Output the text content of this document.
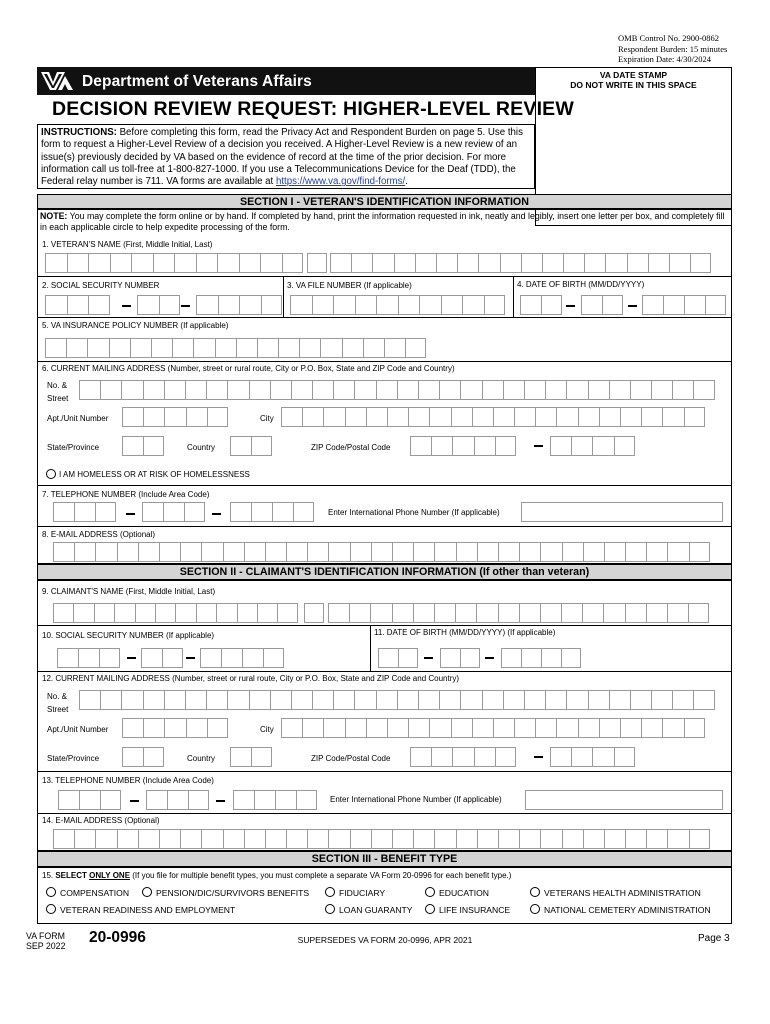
OMB Control No. 2900-0862
Respondent Burden: 15 minutes
Expiration Date: 4/30/2024
Department of Veterans Affairs	VA DATE STAMP
DO NOT WRITE IN THIS SPACE
DECISION REVIEW REQUEST: HIGHER-LEVEL REVIEW
INSTRUCTIONS: Before completing this form, read the Privacy Act and Respondent Burden on page 5. Use this form to request a Higher-Level Review of a decision you received. A Higher-Level Review is a new review of an issue(s) previously decided by VA based on the evidence of record at the time of the prior decision. For more information call us toll-free at 1-800-827-1000. If you use a Telecommunications Device for the Deaf (TDD), the Federal relay number is 711. VA forms are available at https://www.va.gov/find-forms/.
SECTION I - VETERAN'S IDENTIFICATION INFORMATION
NOTE: You may complete the form online or by hand. If completed by hand, print the information requested in ink, neatly and legibly, insert one letter per box, and completely fill in each applicable circle to help expedite processing of the form.
1. VETERAN'S NAME (First, Middle Initial, Last)
2. SOCIAL SECURITY NUMBER	3. VA FILE NUMBER (If applicable)	4. DATE OF BIRTH (MM/DD/YYYY)
5. VA INSURANCE POLICY NUMBER (If applicable)
6. CURRENT MAILING ADDRESS (Number, street or rural route, City or P.O. Box, State and ZIP Code and Country)
No. &
Street
Apt./Unit Number	City
State/Province	Country	ZIP Code/Postal Code
I AM HOMELESS OR AT RISK OF HOMELESSNESS
7. TELEPHONE NUMBER (Include Area Code)
Enter International Phone Number (If applicable)
8. E-MAIL ADDRESS (Optional)
SECTION II - CLAIMANT'S IDENTIFICATION INFORMATION (If other than veteran)
9. CLAIMANT'S NAME (First, Middle Initial, Last)
10. SOCIAL SECURITY NUMBER (If applicable)	11. DATE OF BIRTH (MM/DD/YYYY) (If applicable)
12. CURRENT MAILING ADDRESS (Number, street or rural route, City or P.O. Box, State and ZIP Code and Country)
No. &
Street
Apt./Unit Number	City
State/Province	Country	ZIP Code/Postal Code
13. TELEPHONE NUMBER (Include Area Code)
Enter International Phone Number (If applicable)
14. E-MAIL ADDRESS (Optional)
SECTION III - BENEFIT TYPE
15. SELECT ONLY ONE (If you file for multiple benefit types, you must complete a separate VA Form 20-0996 for each benefit type.)
COMPENSATION	PENSION/DIC/SURVIVORS BENEFITS	FIDUCIARY	EDUCATION	VETERANS HEALTH ADMINISTRATION
VETERAN READINESS AND EMPLOYMENT	LOAN GUARANTY	LIFE INSURANCE	NATIONAL CEMETERY ADMINISTRATION
VA FORM
SEP 2022 20-0996	SUPERSEDES VA FORM 20-0996, APR 2021	Page 3
